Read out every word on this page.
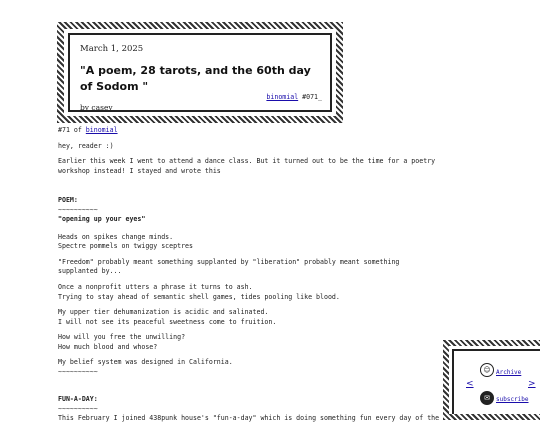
March 1, 2025
"A poem, 28 tarots, and the 60th day of Sodom "
by casey
binomial #071_

#71 of binomial

hey, reader :)

Earlier this week I went to attend a dance class. But it turned out to be the time for a poetry
workshop instead! I stayed and wrote this

POEM:

~~~~~~~~~~

"opening up your eyes"

Heads on spikes change minds.
Spectre pommels on twiggy sceptres

"Freedom" probably meant something supplanted by "liberation" probably meant something
supplanted by...

Once a nonprofit utters a phrase it turns to ash.
Trying to stay ahead of semantic shell games, tides pooling like blood.

My upper tier dehumanization is acidic and salinated.
I will not see its peaceful sweetness come to fruition.

How will you free the unwilling?
How much blood and whose?

My belief system was designed in California.

~~~~~~~~~~

FUN-A-DAY:

~~~~~~~~~~

This February I joined 438punk house's "fun-a-day" which is doing something fun every day of the

☺ Archive
<	>
✉	subscribe
